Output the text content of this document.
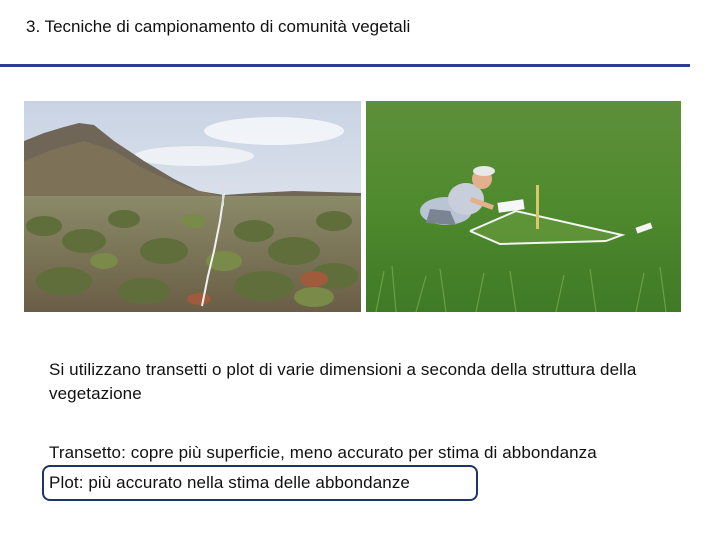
3. Tecniche di campionamento di comunità vegetali
Si utilizzano transetti o plot di varie dimensioni a seconda della struttura della vegetazione
Transetto: copre più superficie, meno accurato per stima di abbondanza
Plot: più accurato nella stima delle abbondanze
